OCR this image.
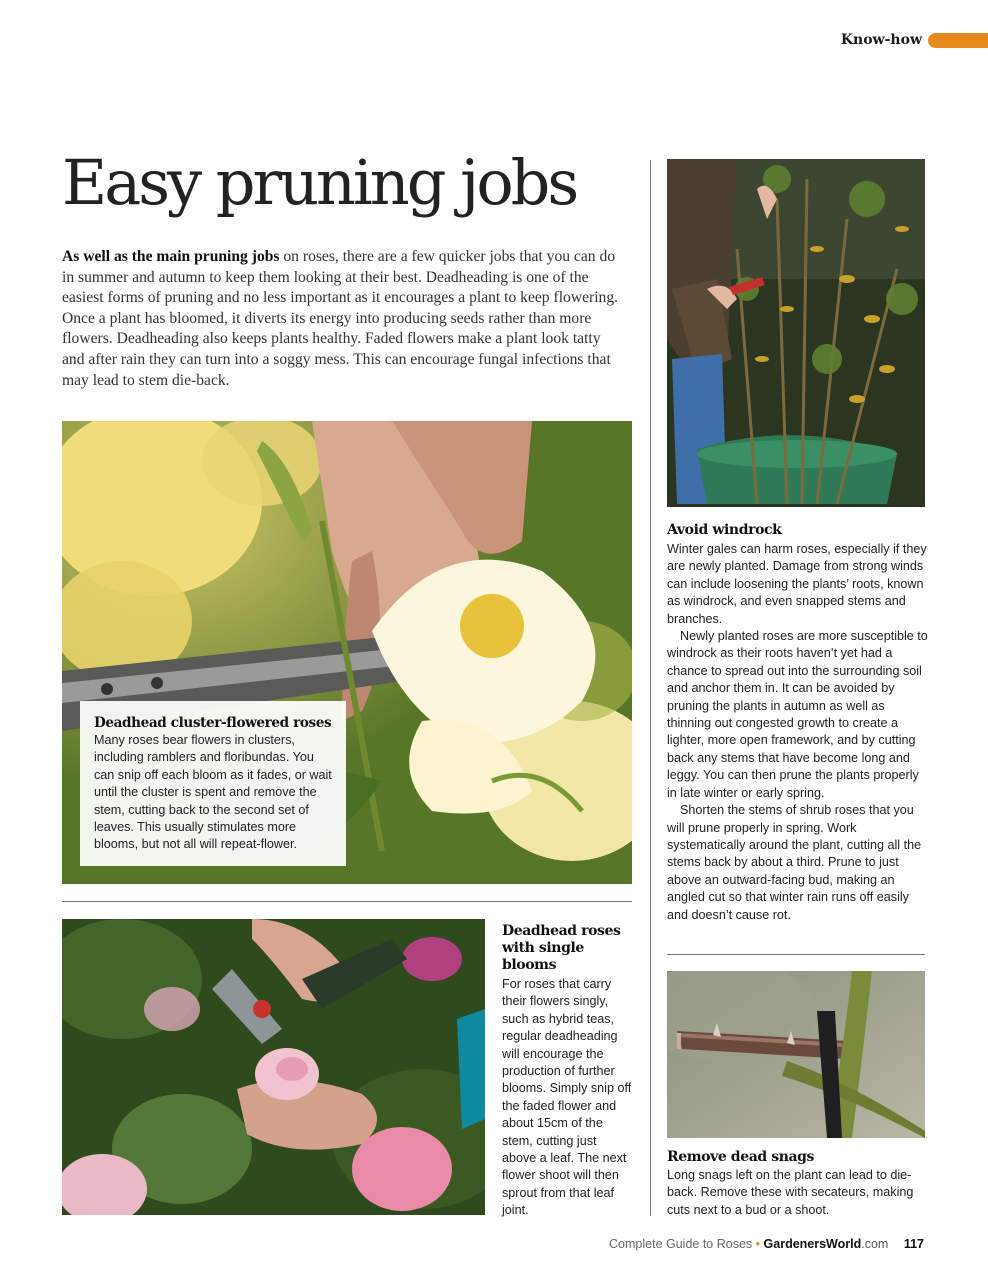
Know-how
Easy pruning jobs

As well as the main pruning jobs on roses, there are a few quicker jobs that you can do in summer and autumn to keep them looking at their best. Deadheading is one of the easiest forms of pruning and no less important as it encourages a plant to keep flowering. Once a plant has bloomed, it diverts its energy into producing seeds rather than more flowers. Deadheading also keeps plants healthy. Faded flowers make a plant look tatty and after rain they can turn into a soggy mess. This can encourage fungal infections that may lead to stem die-back.

Deadhead cluster-flowered roses
Many roses bear flowers in clusters, including ramblers and floribundas. You can snip off each bloom as it fades, or wait until the cluster is spent and remove the stem, cutting back to the second set of leaves. This usually stimulates more blooms, but not all will repeat-flower.
Deadhead roses with single blooms
For roses that carry their flowers singly, such as hybrid teas, regular deadheading will encourage the production of further blooms. Simply snip off the faded flower and about 15cm of the stem, cutting just above a leaf. The next flower shoot will then sprout from that leaf joint.
Avoid windrock

Winter gales can harm roses, especially if they are newly planted. Damage from strong winds can include loosening the plants’ roots, known as windrock, and even snapped stems and branches.

Newly planted roses are more susceptible to windrock as their roots haven’t yet had a chance to spread out into the surrounding soil and anchor them in. It can be avoided by pruning the plants in autumn as well as thinning out congested growth to create a lighter, more open framework, and by cutting back any stems that have become long and leggy. You can then prune the plants properly in late winter or early spring.

Shorten the stems of shrub roses that you will prune properly in spring. Work systematically around the plant, cutting all the stems back by about a third. Prune to just above an outward-facing bud, making an angled cut so that winter rain runs off easily and doesn’t cause rot.

Remove dead snags
Long snags left on the plant can lead to die-back. Remove these with secateurs, making cuts next to a bud or a shoot.
Complete Guide to Roses • GardenersWorld.com 117
